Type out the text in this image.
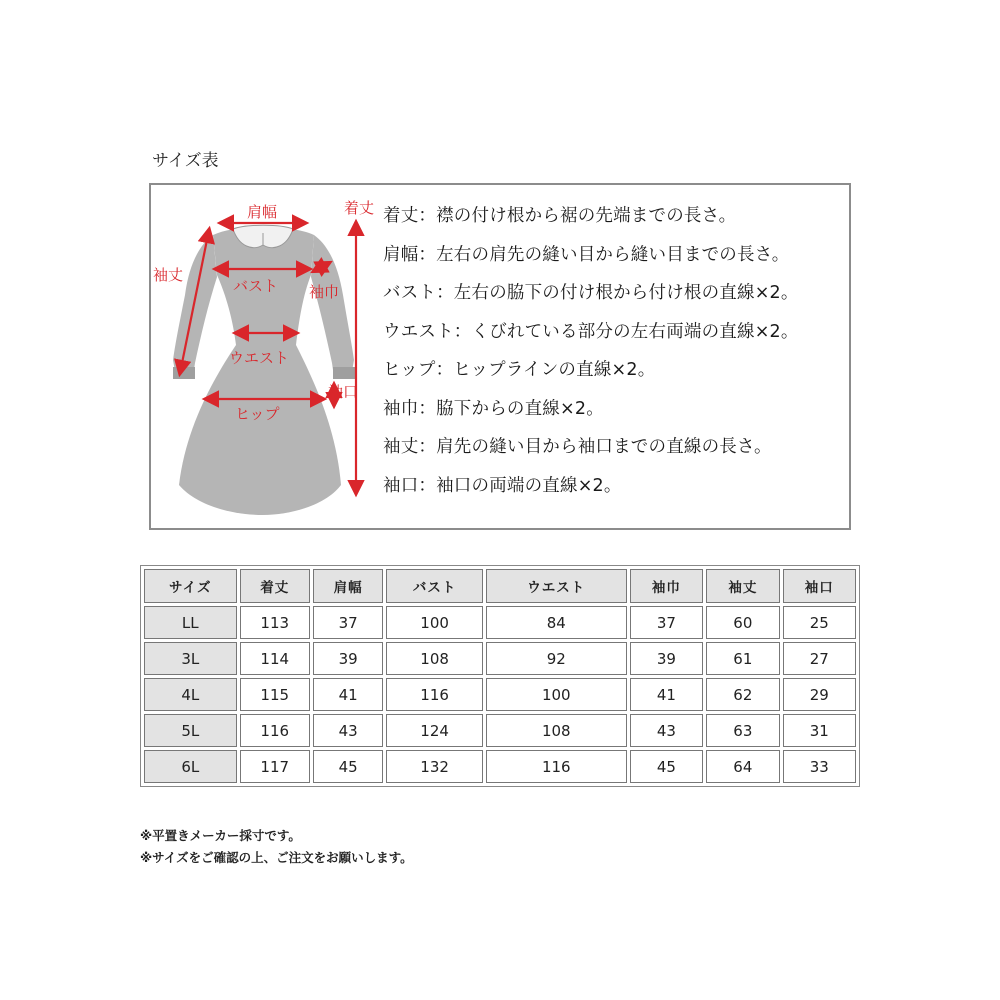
サイズ表
肩幅	着丈
袖丈
バスト 袖巾
ウエスト
袖口
ヒップ
着丈：襟の付け根から裾の先端までの長さ。
肩幅：左右の肩先の縫い目から縫い目までの長さ。
バスト：左右の脇下の付け根から付け根の直線×2。
ウエスト：くびれている部分の左右両端の直線×2。
ヒップ：ヒップラインの直線×2。
袖巾：脇下からの直線×2。
袖丈：肩先の縫い目から袖口までの直線の長さ。
袖口：袖口の両端の直線×2。
サイズ	着丈	肩幅	バスト	ウエスト	袖巾	袖丈	袖口
LL	113	37	100	84	37	60	25
3L	114	39	108	92	39	61	27
4L	115	41	116	100	41	62	29
5L	116	43	124	108	43	63	31
6L	117	45	132	116	45	64	33
※平置きメーカー採寸です。
※サイズをご確認の上、ご注文をお願いします。
